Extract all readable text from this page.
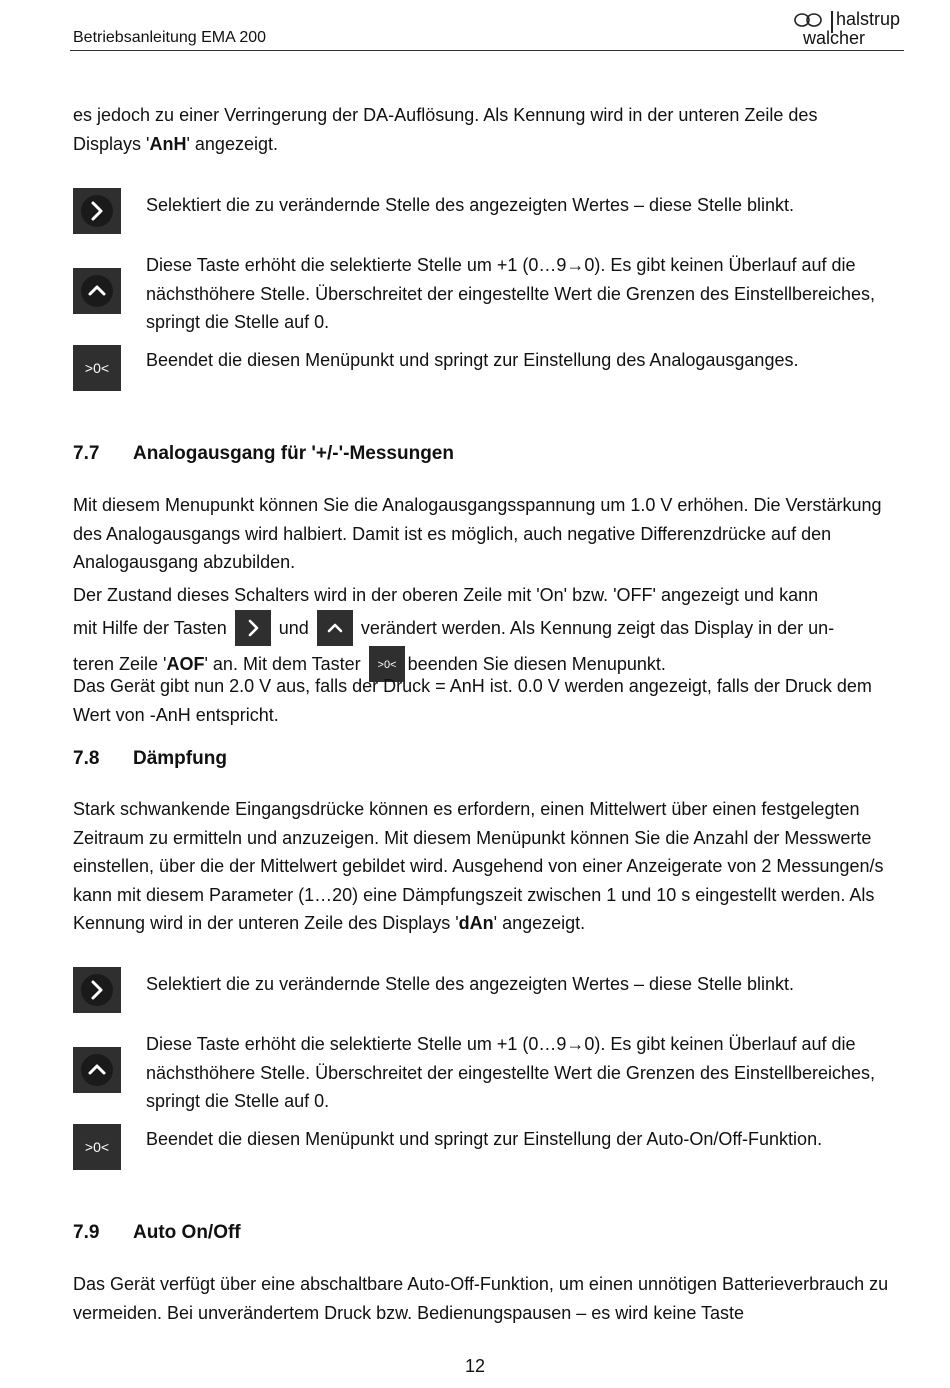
Betriebsanleitung EMA 200
halstrup
walcher

es jedoch zu einer Verringerung der DA-Auflösung. Als Kennung wird in der unteren Zeile des
Displays 'AnH' angezeigt.

Selektiert die zu verändernde Stelle des angezeigten Wertes – diese Stelle blinkt.

Diese Taste erhöht die selektierte Stelle um +1 (0…9→0). Es gibt keinen Überlauf auf die nächsthöhere Stelle. Überschreitet der eingestellte Wert die Grenzen des Einstellbereiches, springt die Stelle auf 0.

>0< Beendet die diesen Menüpunkt und springt zur Einstellung des Analogausganges.

7.7 Analogausgang für '+/-'-Messungen

Mit diesem Menupunkt können Sie die Analogausgangsspannung um 1.0 V erhöhen. Die Verstärkung des Analogausgangs wird halbiert. Damit ist es möglich, auch negative Differenzdrücke auf den Analogausgang abzubilden.

Der Zustand dieses Schalters wird in der oberen Zeile mit 'On' bzw. 'OFF' angezeigt und kann
mit Hilfe der Tasten	und	verändert werden. Als Kennung zeigt das Display in der un-
teren Zeile 'AOF' an. Mit dem Taster >0< beenden Sie diesen Menupunkt.

Das Gerät gibt nun 2.0 V aus, falls der Druck = AnH ist. 0.0 V werden angezeigt, falls der Druck dem Wert von -AnH entspricht.

7.8 Dämpfung

Stark schwankende Eingangsdrücke können es erfordern, einen Mittelwert über einen festgelegten Zeitraum zu ermitteln und anzuzeigen. Mit diesem Menüpunkt können Sie die Anzahl der Messwerte einstellen, über die der Mittelwert gebildet wird. Ausgehend von einer Anzeigerate von 2 Messungen/s kann mit diesem Parameter (1…20) eine Dämpfungszeit zwischen 1 und 10 s eingestellt werden. Als Kennung wird in der unteren Zeile des Displays 'dAn' angezeigt.

Selektiert die zu verändernde Stelle des angezeigten Wertes – diese Stelle blinkt.

Diese Taste erhöht die selektierte Stelle um +1 (0…9→0). Es gibt keinen Überlauf auf die nächsthöhere Stelle. Überschreitet der eingestellte Wert die Grenzen des Einstellbereiches, springt die Stelle auf 0.

>0< Beendet die diesen Menüpunkt und springt zur Einstellung der Auto-On/Off-Funktion.

7.9 Auto On/Off

Das Gerät verfügt über eine abschaltbare Auto-Off-Funktion, um einen unnötigen Batterieverbrauch zu vermeiden. Bei unverändertem Druck bzw. Bedienungspausen – es wird keine Taste

12
